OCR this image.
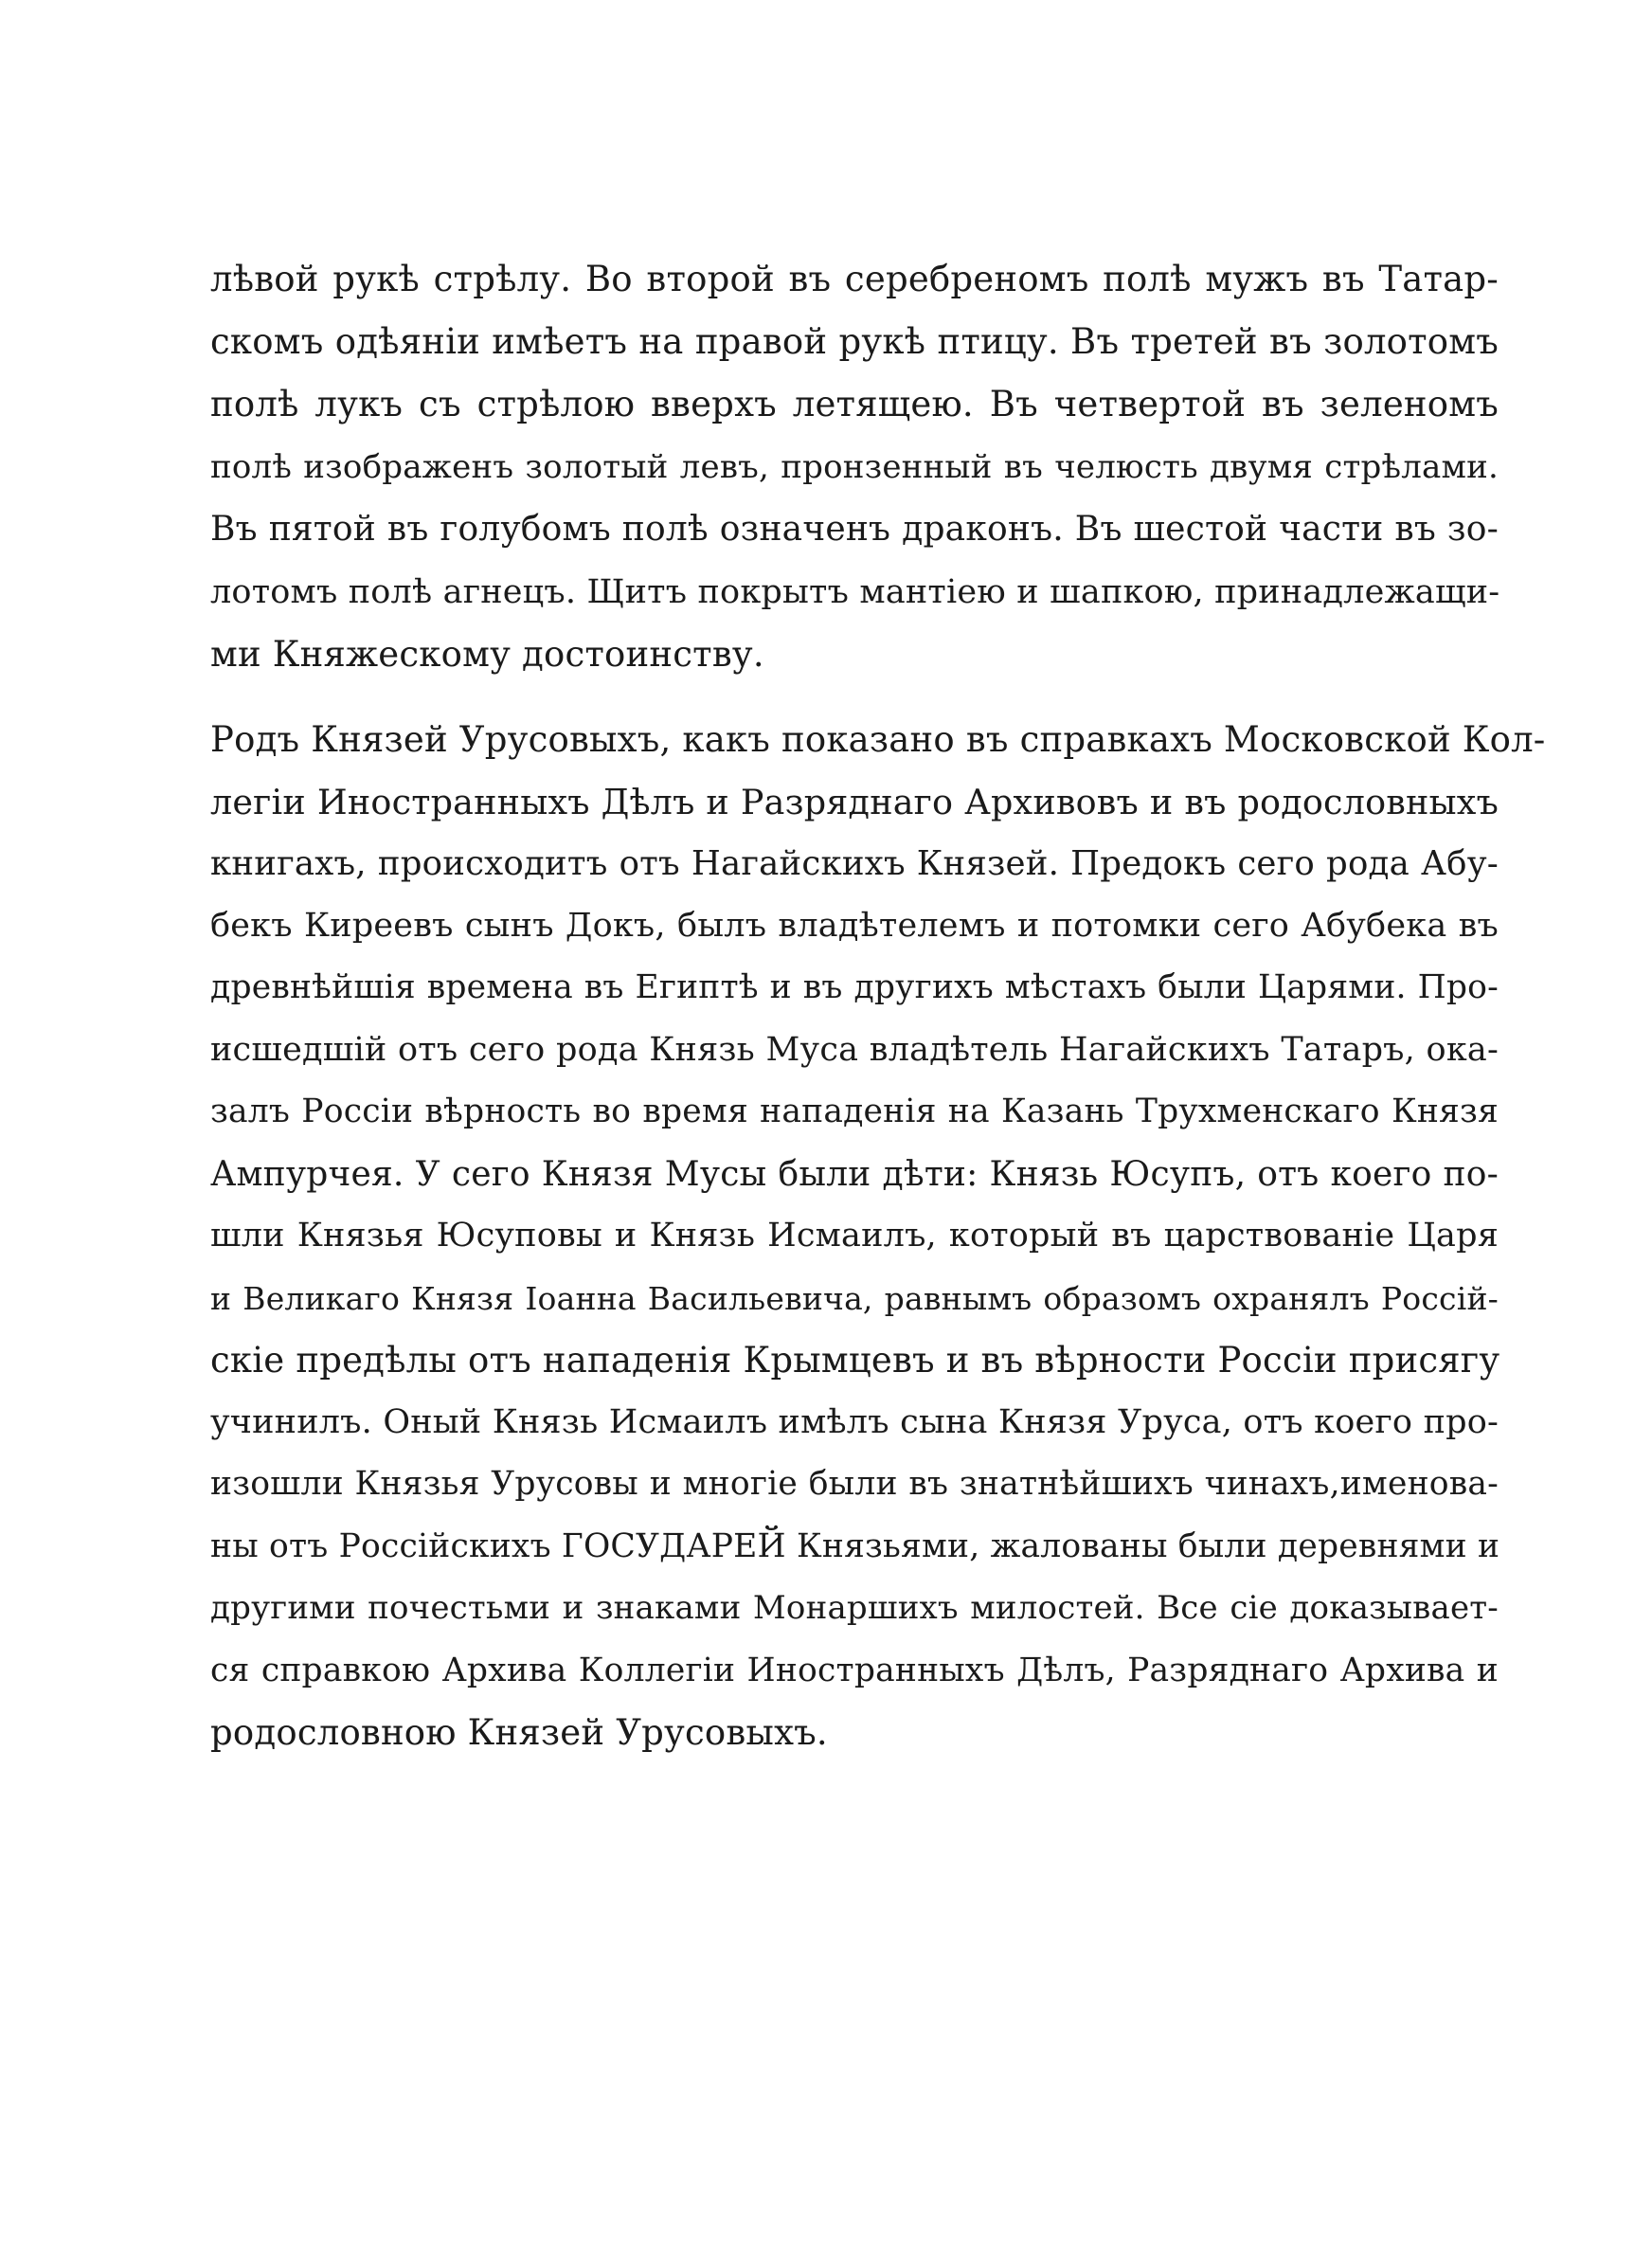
лѣвой рукѣ стрѣлу. Во второй въ серебреномъ полѣ мужъ въ Татар-
скомъ одѣяніи имѣетъ на правой рукѣ птицу. Въ третей въ золотомъ
полѣ лукъ съ стрѣлою вверхъ летящею. Въ четвертой въ зеленомъ
полѣ изображенъ золотый левъ, пронзенный въ челюсть двумя стрѣлами.
Въ пятой въ голубомъ полѣ означенъ драконъ. Въ шестой части въ зо-
лотомъ полѣ агнецъ. Щитъ покрытъ мантіею и шапкою, принадлежащи-
ми Княжескому достоинству.
Родъ Князей Урусовыхъ, какъ показано въ справкахъ Московской Кол-
легіи Иностранныхъ Дѣлъ и Разряднаго Архивовъ и въ родословныхъ
книгахъ, происходитъ отъ Нагайскихъ Князей. Предокъ сего рода Абу-
бекъ Киреевъ сынъ Докъ, былъ владѣтелемъ и потомки сего Абубека въ
древнѣйшія времена въ Египтѣ и въ другихъ мѣстахъ были Царями. Про-
исшедшій отъ сего рода Князь Муса владѣтель Нагайскихъ Татаръ, ока-
залъ Россіи вѣрность во время нападенія на Казань Трухменскаго Князя
Ампурчея. У сего Князя Мусы были дѣти: Князь Юсупъ, отъ коего по-
шли Князья Юсуповы и Князь Исмаилъ, который въ царствованіе Царя
и Великаго Князя Іоанна Васильевича, равнымъ образомъ охранялъ Россій-
скіе предѣлы отъ нападенія Крымцевъ и въ вѣрности Россіи присягу
учинилъ. Оный Князь Исмаилъ имѣлъ сына Князя Уруса, отъ коего про-
изошли Князья Урусовы и многіе были въ знатнѣйшихъ чинахъ,именова-
ны отъ Россійскихъ ГОСУДАРЕЙ Князьями, жалованы были деревнями и
другими почестьми и знаками Монаршихъ милостей. Все сіе доказывает-
ся справкою Архива Коллегіи Иностранныхъ Дѣлъ, Разряднаго Архива и
родословною Князей Урусовыхъ.
